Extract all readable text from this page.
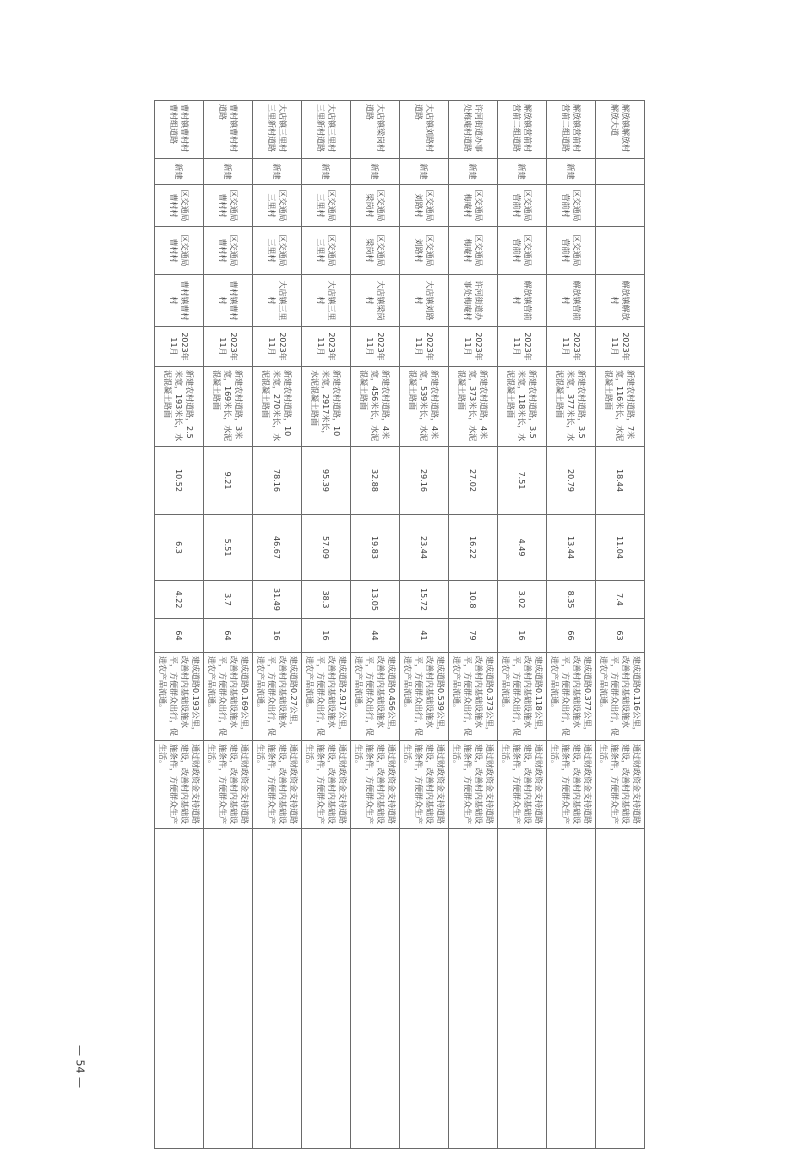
解放镇解放村解放大道				解放镇解放村	2023年11月	新建农村道路，7米宽，116米长，水泥混凝土路面	18.44	11.04	7.4	63	建成道路0.116公里，改善村内基础设施水平，方便群众出行，促进农产品流通。	通过财政资金支持道路建设，改善村内基础设施条件，方便群众生产生活。	
解放镇营前村营前二组道路	新建	区交通局 营前村	区交通局 营前村	解放镇营前村	2023年11月	新建农村道路，3.5米宽，377米长，水泥混凝土路面	20.79	13.44	8.35	66	建成道路0.377公里，改善村内基础设施水平，方便群众出行，促进农产品流通。	通过财政资金支持道路建设，改善村内基础设施条件，方便群众生产生活。	
解放镇营前村营前二组道路	新建	区交通局 营前村	区交通局 营前村	解放镇营前村	2023年11月	新建农村道路，3.5米宽，118米长，水泥混凝土路面	7.51	4.49	3.02	16	建成道路0.118公里，改善村内基础设施水平，方便群众出行，促进农产品流通。	通过财政资金支持道路建设，改善村内基础设施条件，方便群众生产生活。	
许河街道办事处梅庵村道路	新建	区交通局 梅庵村	区交通局 梅庵村	许河街道办事处梅庵村	2023年11月	新建农村道路，4米宽，373米长，水泥混凝土路面	27.02	16.22	10.8	79	建成道路0.373公里，改善村内基础设施水平，方便群众出行，促进农产品流通。	通过财政资金支持道路建设，改善村内基础设施条件，方便群众生产生活。	
大店镇刘路村道路	新建	区交通局 刘路村	区交通局 刘路村	大店镇刘路村	2023年11月	新建农村道路，4米宽，539米长，水泥混凝土路面	29.16	23.44	15.72	41	建成道路0.539公里，改善村内基础设施水平，方便群众出行，促进农产品流通。	通过财政资金支持道路建设，改善村内基础设施条件，方便群众生产生活。	
大店镇梁岗村道路	新建	区交通局 梁岗村	区交通局 梁岗村	大店镇梁岗村	2023年11月	新建农村道路，4米宽，456米长，水泥混凝土路面	32.88	19.83	13.05	44	建成道路0.456公里，改善村内基础设施水平，方便群众出行，促进农产品流通。	通过财政资金支持道路建设，改善村内基础设施条件，方便群众生产生活。	
大店镇三里村三里新村道路	新建	区交通局 三里村	区交通局 三里村	大店镇三里村	2023年11月	新建农村道路，10米宽，2917米长，水泥混凝土路面	95.39	57.09	38.3	16	建成道路2.917公里，改善村内基础设施水平，方便群众出行，促进农产品流通。	通过财政资金支持道路建设，改善村内基础设施条件，方便群众生产生活。	
大店镇三里村三里新村道路	新建	区交通局 三里村	区交通局 三里村	大店镇三里村	2023年11月	新建农村道路，10米宽，270米长，水泥混凝土路面	78.16	46.67	31.49	16	建成道路0.27公里，改善村内基础设施水平，方便群众出行，促进农产品流通。	通过财政资金支持道路建设，改善村内基础设施条件，方便群众生产生活。	
曹村镇曹村村道路	新建	区交通局 曹村村	区交通局 曹村村	曹村镇曹村村	2023年11月	新建农村道路，3米宽，169米长，水泥混凝土路面	9.21	5.51	3.7	64	建成道路0.169公里，改善村内基础设施水平，方便群众出行，促进农产品流通。	通过财政资金支持道路建设，改善村内基础设施条件，方便群众生产生活。	
曹村镇曹村村曹村组道路	新建	区交通局 曹村村	区交通局 曹村村	曹村镇曹村村	2023年11月	新建农村道路，2.5米宽，193米长，水泥混凝土路面	10.52	6.3	4.22	64	建成道路0.193公里，改善村内基础设施水平，方便群众出行，促进农产品流通。	通过财政资金支持道路建设，改善村内基础设施条件，方便群众生产生活。	
— 54 —
